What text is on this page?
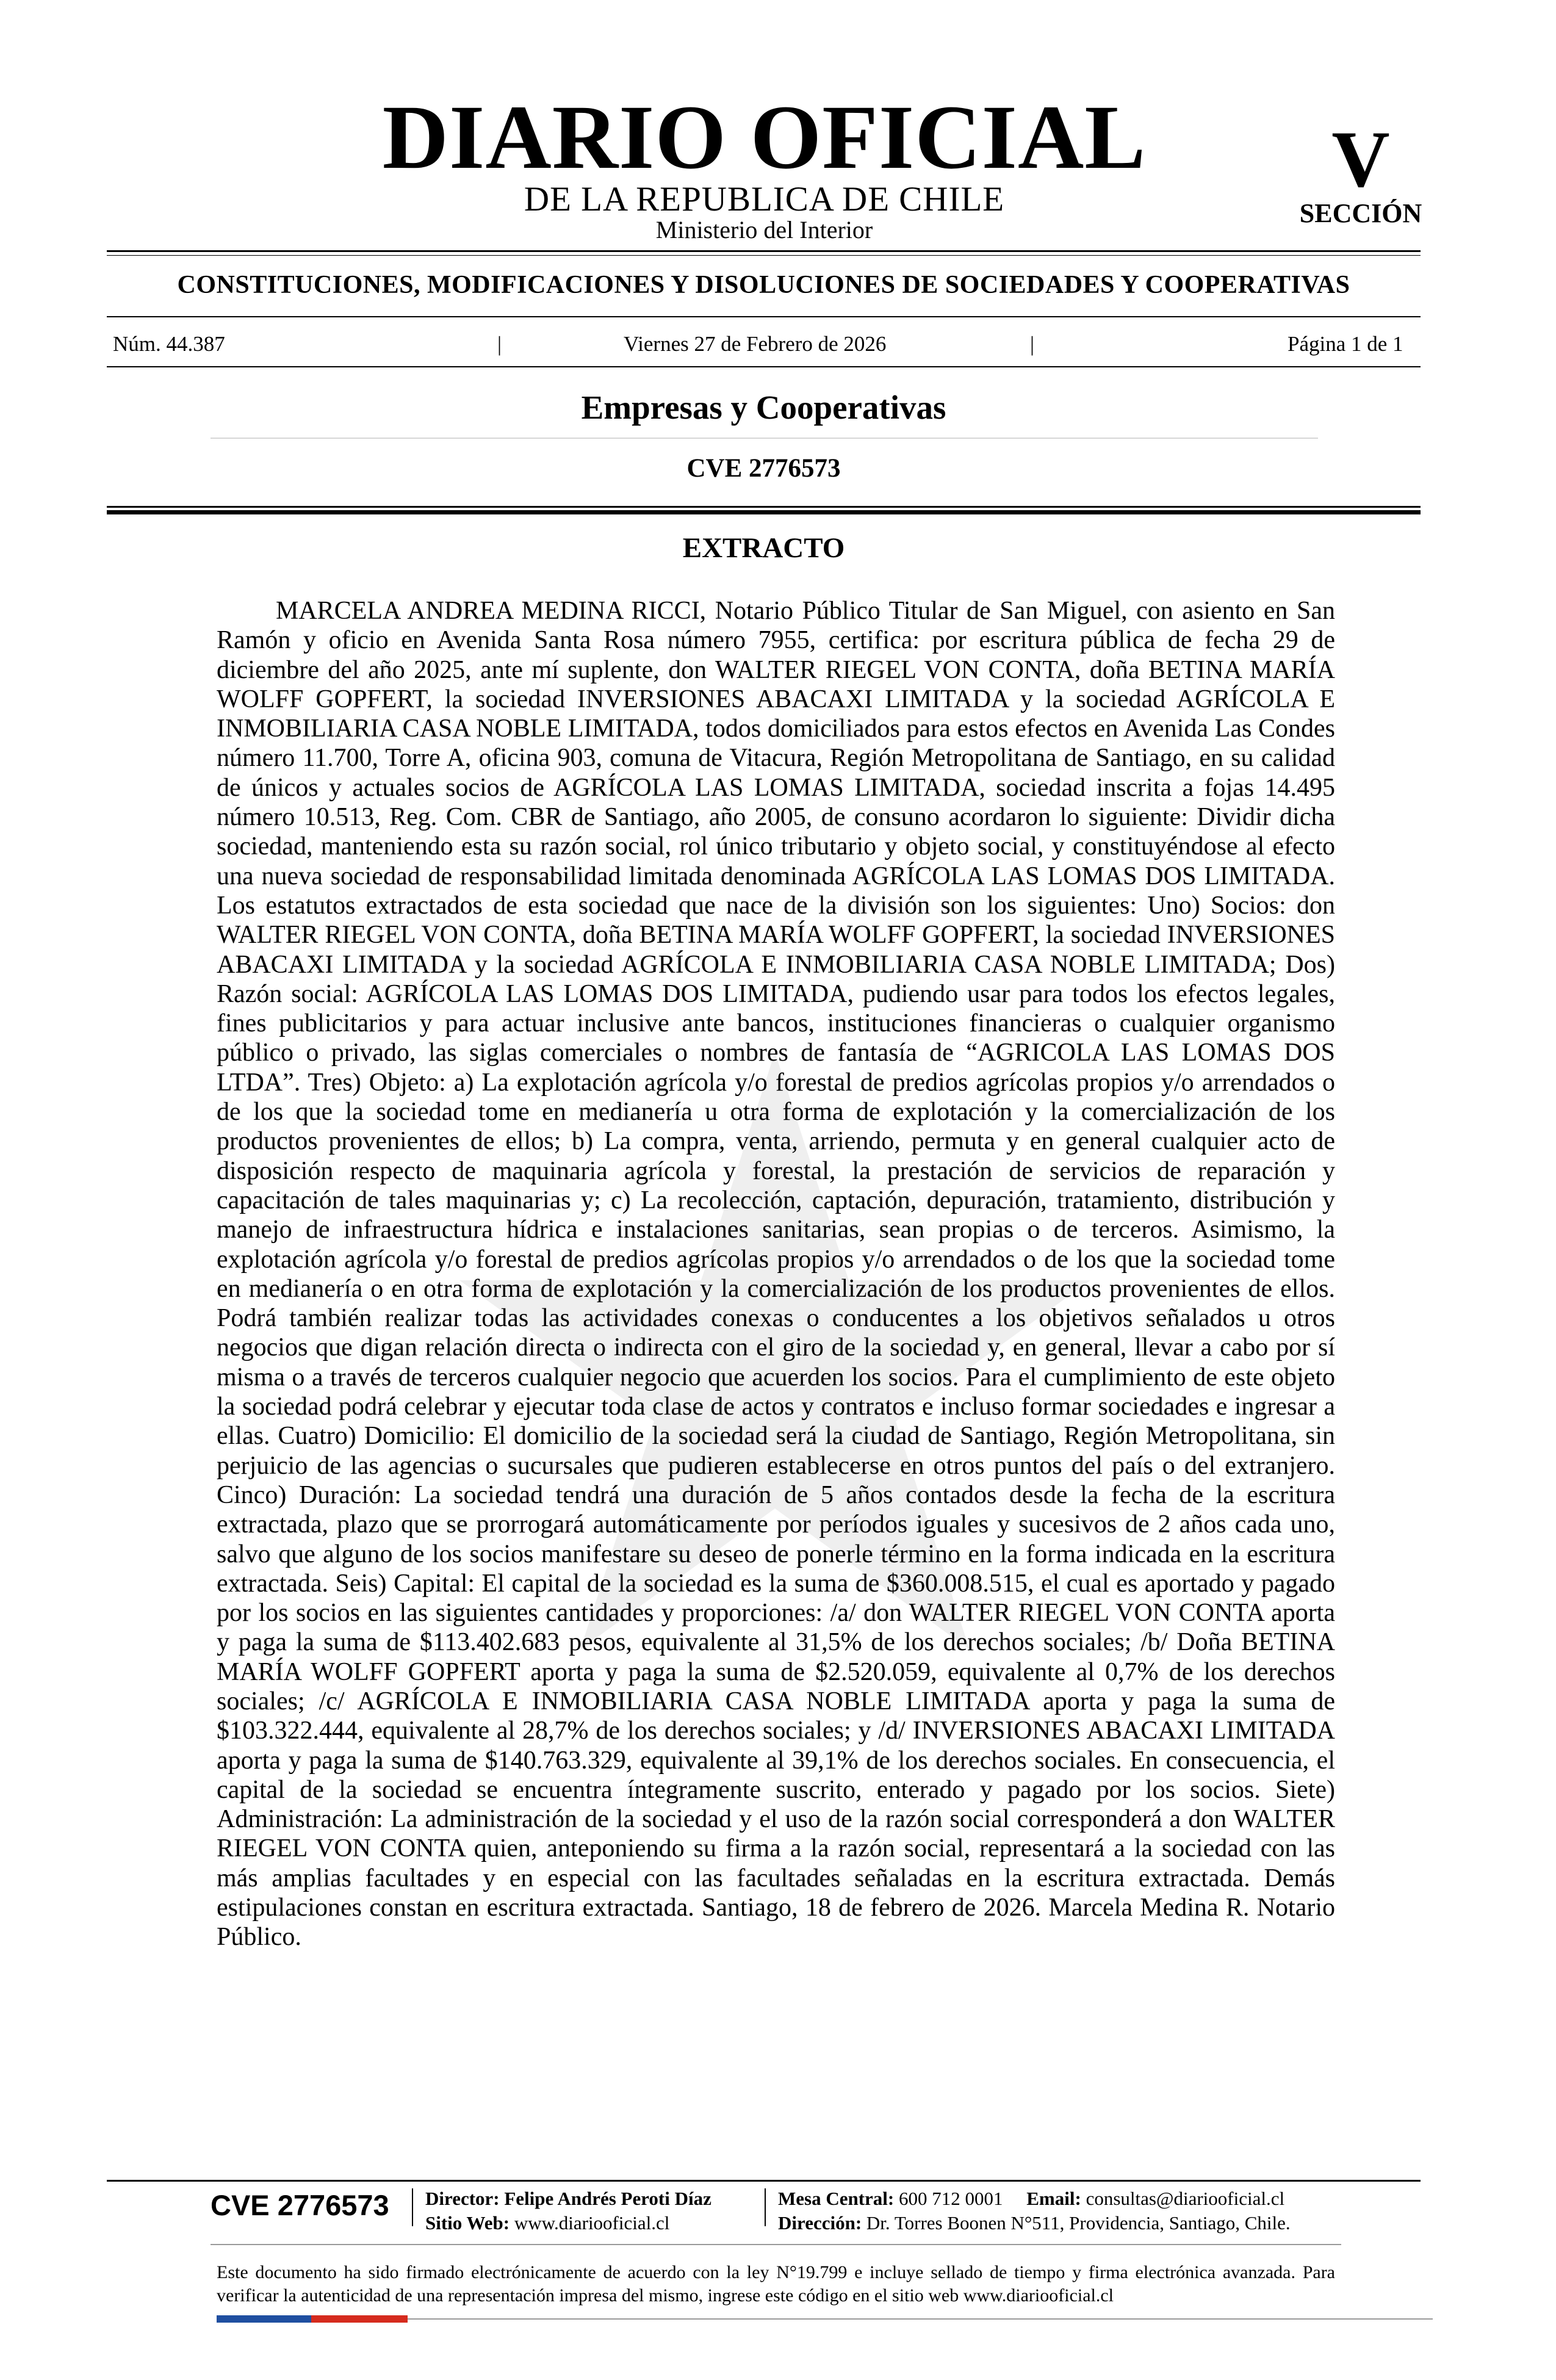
DIARIO OFICIAL
DE LA REPUBLICA DE CHILE
Ministerio del Interior
V
SECCIÓN
CONSTITUCIONES, MODIFICACIONES Y DISOLUCIONES DE SOCIEDADES Y COOPERATIVAS
Núm. 44.387	|	Viernes 27 de Febrero de 2026	|	Página 1 de 1
Empresas y Cooperativas
CVE 2776573
EXTRACTO

MARCELA ANDREA MEDINA RICCI, Notario Público Titular de San Miguel, con asiento en San Ramón y oficio en Avenida Santa Rosa número 7955, certifica: por escritura pública de fecha 29 de diciembre del año 2025, ante mí suplente, don WALTER RIEGEL VON CONTA, doña BETINA MARÍA WOLFF GOPFERT, la sociedad INVERSIONES ABACAXI LIMITADA y la sociedad AGRÍCOLA E INMOBILIARIA CASA NOBLE LIMITADA, todos domiciliados para estos efectos en Avenida Las Condes número 11.700, Torre A, oficina 903, comuna de Vitacura, Región Metropolitana de Santiago, en su calidad de únicos y actuales socios de AGRÍCOLA LAS LOMAS LIMITADA, sociedad inscrita a fojas 14.495 número 10.513, Reg. Com. CBR de Santiago, año 2005, de consuno acordaron lo siguiente: Dividir dicha sociedad, manteniendo esta su razón social, rol único tributario y objeto social, y constituyéndose al efecto una nueva sociedad de responsabilidad limitada denominada AGRÍCOLA LAS LOMAS DOS LIMITADA. Los estatutos extractados de esta sociedad que nace de la división son los siguientes: Uno) Socios: don WALTER RIEGEL VON CONTA, doña BETINA MARÍA WOLFF GOPFERT, la sociedad INVERSIONES ABACAXI LIMITADA y la sociedad AGRÍCOLA E INMOBILIARIA CASA NOBLE LIMITADA; Dos) Razón social: AGRÍCOLA LAS LOMAS DOS LIMITADA, pudiendo usar para todos los efectos legales, fines publicitarios y para actuar inclusive ante bancos, instituciones financieras o cualquier organismo público o privado, las siglas comerciales o nombres de fantasía de “AGRICOLA LAS LOMAS DOS LTDA”. Tres) Objeto: a) La explotación agrícola y/o forestal de predios agrícolas propios y/o arrendados o de los que la sociedad tome en medianería u otra forma de explotación y la comercialización de los productos provenientes de ellos; b) La compra, venta, arriendo, permuta y en general cualquier acto de disposición respecto de maquinaria agrícola y forestal, la prestación de servicios de reparación y capacitación de tales maquinarias y; c) La recolección, captación, depuración, tratamiento, distribución y manejo de infraestructura hídrica e instalaciones sanitarias, sean propias o de terceros. Asimismo, la explotación agrícola y/o forestal de predios agrícolas propios y/o arrendados o de los que la sociedad tome en medianería o en otra forma de explotación y la comercialización de los productos provenientes de ellos. Podrá también realizar todas las actividades conexas o conducentes a los objetivos señalados u otros negocios que digan relación directa o indirecta con el giro de la sociedad y, en general, llevar a cabo por sí misma o a través de terceros cualquier negocio que acuerden los socios. Para el cumplimiento de este objeto la sociedad podrá celebrar y ejecutar toda clase de actos y contratos e incluso formar sociedades e ingresar a ellas. Cuatro) Domicilio: El domicilio de la sociedad será la ciudad de Santiago, Región Metropolitana, sin perjuicio de las agencias o sucursales que pudieren establecerse en otros puntos del país o del extranjero. Cinco) Duración: La sociedad tendrá una duración de 5 años contados desde la fecha de la escritura extractada, plazo que se prorrogará automáticamente por períodos iguales y sucesivos de 2 años cada uno, salvo que alguno de los socios manifestare su deseo de ponerle término en la forma indicada en la escritura extractada. Seis) Capital: El capital de la sociedad es la suma de $360.008.515, el cual es aportado y pagado por los socios en las siguientes cantidades y proporciones: /a/ don WALTER RIEGEL VON CONTA aporta y paga la suma de $113.402.683 pesos, equivalente al 31,5% de los derechos sociales; /b/ Doña BETINA MARÍA WOLFF GOPFERT aporta y paga la suma de $2.520.059, equivalente al 0,7% de los derechos sociales; /c/ AGRÍCOLA E INMOBILIARIA CASA NOBLE LIMITADA aporta y paga la suma de $103.322.444, equivalente al 28,7% de los derechos sociales; y /d/ INVERSIONES ABACAXI LIMITADA aporta y paga la suma de $140.763.329, equivalente al 39,1% de los derechos sociales. En consecuencia, el capital de la sociedad se encuentra íntegramente suscrito, enterado y pagado por los socios. Siete) Administración: La administración de la sociedad y el uso de la razón social corresponderá a don WALTER RIEGEL VON CONTA quien, anteponiendo su firma a la razón social, representará a la sociedad con las más amplias facultades y en especial con las facultades señaladas en la escritura extractada. Demás estipulaciones constan en escritura extractada. Santiago, 18 de febrero de 2026. Marcela Medina R. Notario Público.

CVE 2776573 Director: Felipe Andrés Peroti Díaz
Sitio Web: www.diariooficial.cl
Mesa Central: 600 712 0001 Email: consultas@diariooficial.cl
Dirección: Dr. Torres Boonen N°511, Providencia, Santiago, Chile.

Este documento ha sido firmado electrónicamente de acuerdo con la ley N°19.799 e incluye sellado de tiempo y firma electrónica avanzada. Para verificar la autenticidad de una representación impresa del mismo, ingrese este código en el sitio web www.diariooficial.cl
